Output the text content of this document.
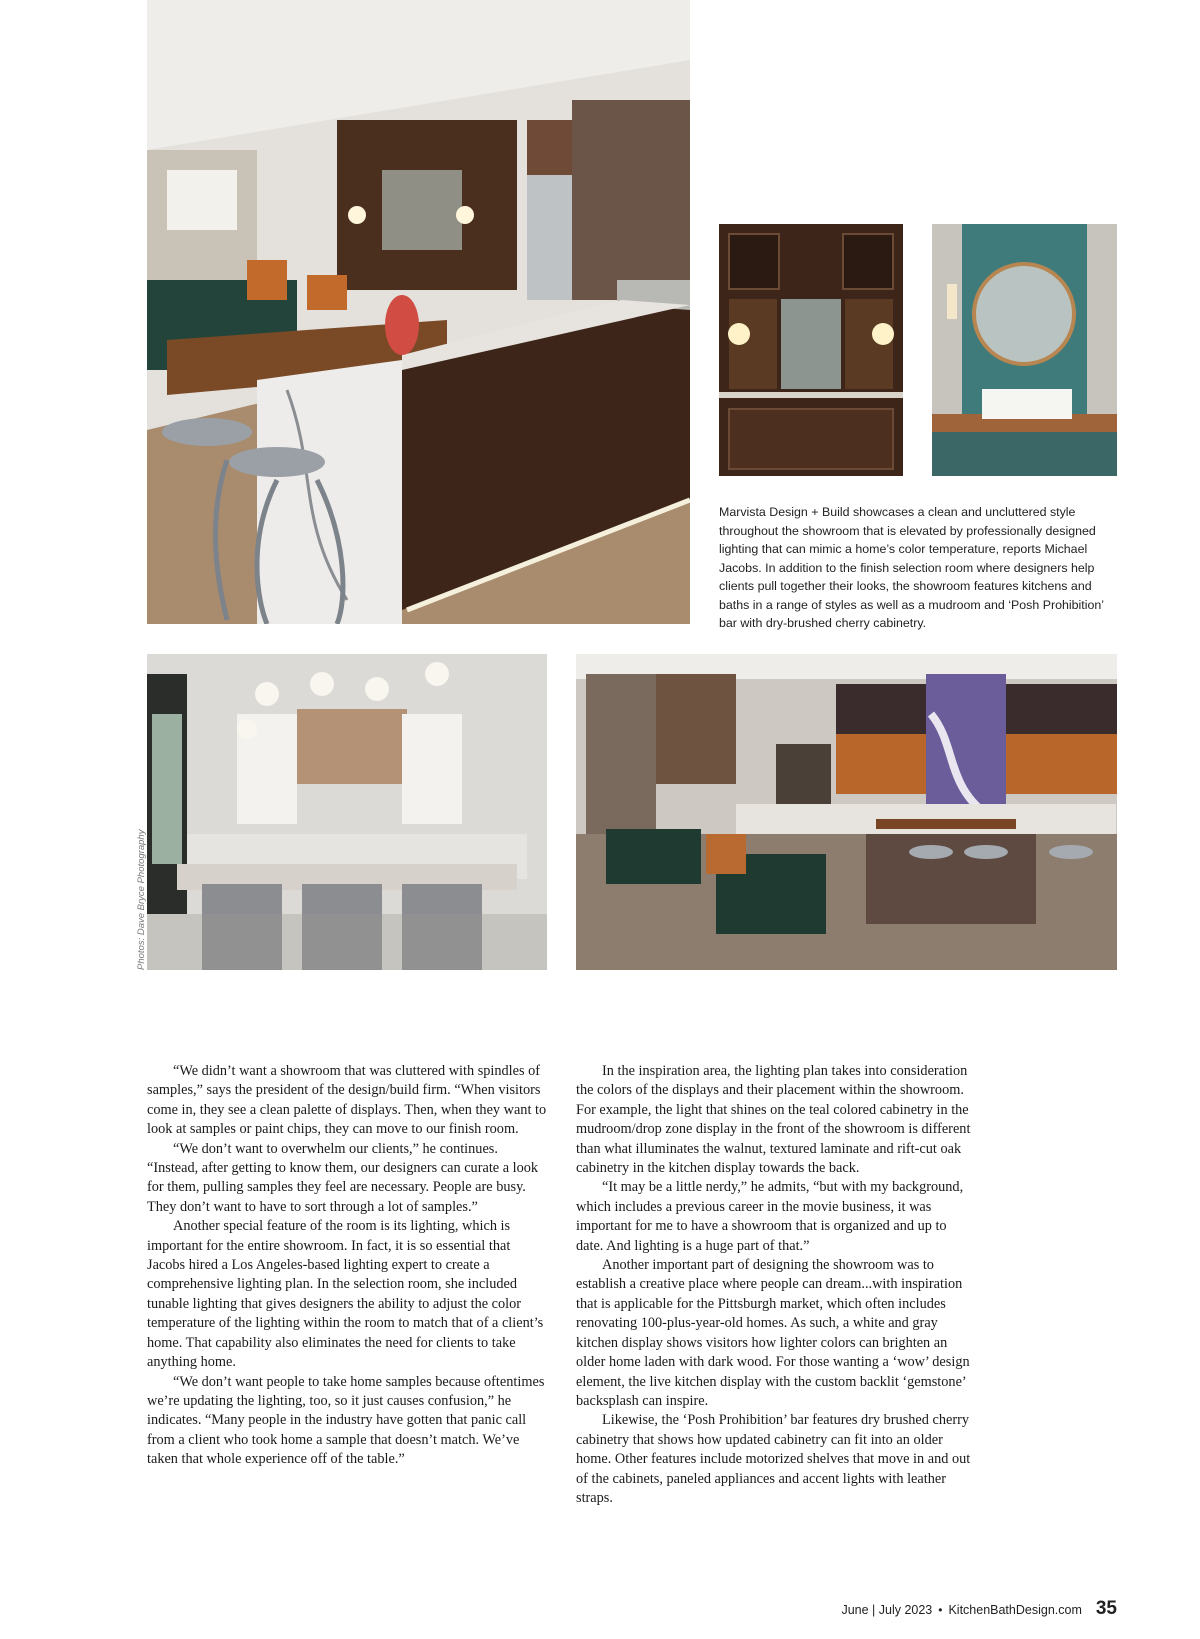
Marvista Design + Build showcases a clean and uncluttered style throughout the showroom that is elevated by professionally designed lighting that can mimic a home’s color temperature, reports Michael Jacobs. In addition to the finish selection room where designers help clients pull together their looks, the showroom features kitchens and baths in a range of styles as well as a mudroom and ‘Posh Prohibition’ bar with dry-brushed cherry cabinetry.

Photos: Dave Bryce Photography

“We didn’t want a showroom that was cluttered with spindles of samples,” says the president of the design/build firm. “When visitors come in, they see a clean palette of displays. Then, when they want to look at samples or paint chips, they can move to our finish room.

“We don’t want to overwhelm our clients,” he continues. “Instead, after getting to know them, our designers can curate a look for them, pulling samples they feel are necessary. People are busy. They don’t want to have to sort through a lot of samples.”

Another special feature of the room is its lighting, which is important for the entire showroom. In fact, it is so essential that Jacobs hired a Los Angeles-based lighting expert to create a comprehensive lighting plan. In the selection room, she included tunable lighting that gives designers the ability to adjust the color temperature of the lighting within the room to match that of a client’s home. That capability also eliminates the need for clients to take anything home.

“We don’t want people to take home samples because oftentimes we’re updating the lighting, too, so it just causes confusion,” he indicates. “Many people in the industry have gotten that panic call from a client who took home a sample that doesn’t match. We’ve taken that whole experience off of the table.”

In the inspiration area, the lighting plan takes into consideration the colors of the displays and their placement within the showroom. For example, the light that shines on the teal colored cabinetry in the mudroom/drop zone display in the front of the showroom is different than what illuminates the walnut, textured laminate and rift-cut oak cabinetry in the kitchen display towards the back.

“It may be a little nerdy,” he admits, “but with my background, which includes a previous career in the movie business, it was important for me to have a showroom that is organized and up to date. And lighting is a huge part of that.”

Another important part of designing the showroom was to establish a creative place where people can dream...with inspiration that is applicable for the Pittsburgh market, which often includes renovating 100-plus-year-old homes. As such, a white and gray kitchen display shows visitors how lighter colors can brighten an older home laden with dark wood. For those wanting a ‘wow’ design element, the live kitchen display with the custom backlit ‘gemstone’ backsplash can inspire.

Likewise, the ‘Posh Prohibition’ bar features dry brushed cherry cabinetry that shows how updated cabinetry can fit into an older home. Other features include motorized shelves that move in and out of the cabinets, paneled appliances and accent lights with leather straps.

June | July 2023 • KitchenBathDesign.com 35
